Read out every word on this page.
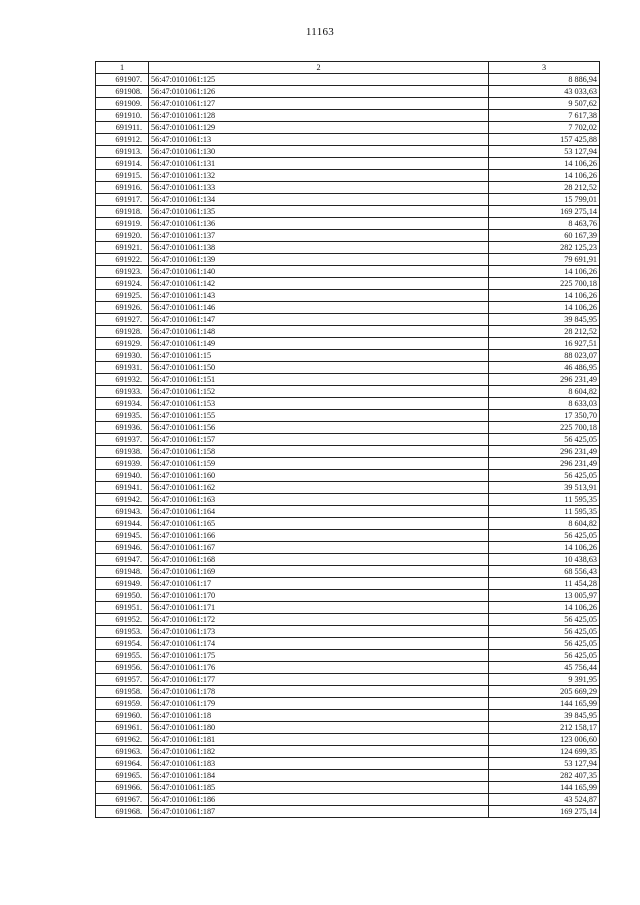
11163
1	2	3
691907.	56:47:0101061:125	8 886,94
691908.	56:47:0101061:126	43 033,63
691909.	56:47:0101061:127	9 507,62
691910.	56:47:0101061:128	7 617,38
691911.	56:47:0101061:129	7 702,02
691912.	56:47:0101061:13	157 425,88
691913.	56:47:0101061:130	53 127,94
691914.	56:47:0101061:131	14 106,26
691915.	56:47:0101061:132	14 106,26
691916.	56:47:0101061:133	28 212,52
691917.	56:47:0101061:134	15 799,01
691918.	56:47:0101061:135	169 275,14
691919.	56:47:0101061:136	8 463,76
691920.	56:47:0101061:137	60 167,39
691921.	56:47:0101061:138	282 125,23
691922.	56:47:0101061:139	79 691,91
691923.	56:47:0101061:140	14 106,26
691924.	56:47:0101061:142	225 700,18
691925.	56:47:0101061:143	14 106,26
691926.	56:47:0101061:146	14 106,26
691927.	56:47:0101061:147	39 845,95
691928.	56:47:0101061:148	28 212,52
691929.	56:47:0101061:149	16 927,51
691930.	56:47:0101061:15	88 023,07
691931.	56:47:0101061:150	46 486,95
691932.	56:47:0101061:151	296 231,49
691933.	56:47:0101061:152	8 604,82
691934.	56:47:0101061:153	8 633,03
691935.	56:47:0101061:155	17 350,70
691936.	56:47:0101061:156	225 700,18
691937.	56:47:0101061:157	56 425,05
691938.	56:47:0101061:158	296 231,49
691939.	56:47:0101061:159	296 231,49
691940.	56:47:0101061:160	56 425,05
691941.	56:47:0101061:162	39 513,91
691942.	56:47:0101061:163	11 595,35
691943.	56:47:0101061:164	11 595,35
691944.	56:47:0101061:165	8 604,82
691945.	56:47:0101061:166	56 425,05
691946.	56:47:0101061:167	14 106,26
691947.	56:47:0101061:168	10 438,63
691948.	56:47:0101061:169	68 556,43
691949.	56:47:0101061:17	11 454,28
691950.	56:47:0101061:170	13 005,97
691951.	56:47:0101061:171	14 106,26
691952.	56:47:0101061:172	56 425,05
691953.	56:47:0101061:173	56 425,05
691954.	56:47:0101061:174	56 425,05
691955.	56:47:0101061:175	56 425,05
691956.	56:47:0101061:176	45 756,44
691957.	56:47:0101061:177	9 391,95
691958.	56:47:0101061:178	205 669,29
691959.	56:47:0101061:179	144 165,99
691960.	56:47:0101061:18	39 845,95
691961.	56:47:0101061:180	212 158,17
691962.	56:47:0101061:181	123 006,60
691963.	56:47:0101061:182	124 699,35
691964.	56:47:0101061:183	53 127,94
691965.	56:47:0101061:184	282 407,35
691966.	56:47:0101061:185	144 165,99
691967.	56:47:0101061:186	43 524,87
691968.	56:47:0101061:187	169 275,14
